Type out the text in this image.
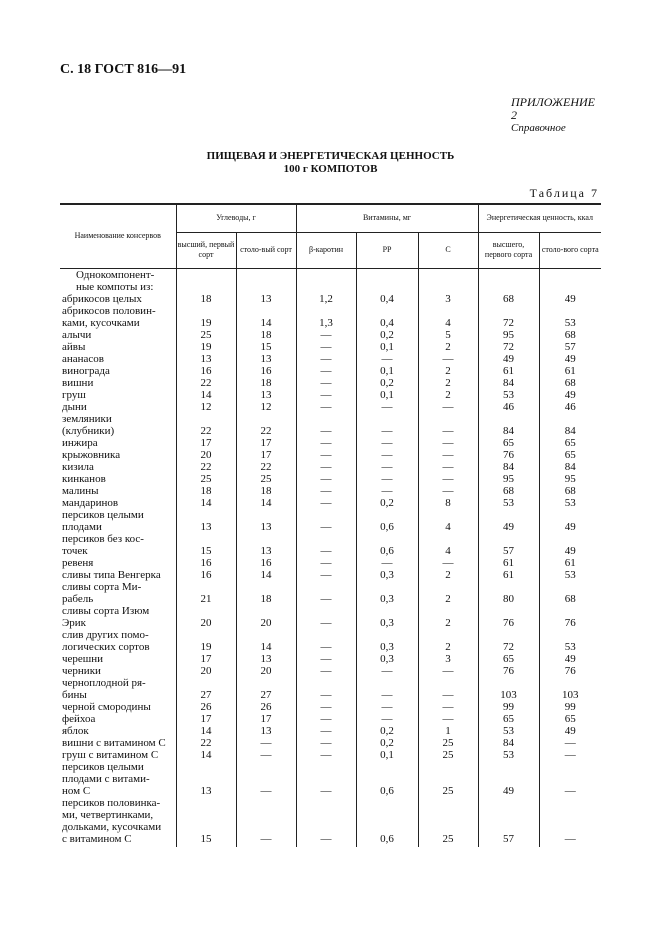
С. 18 ГОСТ 816—91
ПРИЛОЖЕНИЕ 2
Справочное
ПИЩЕВАЯ И ЭНЕРГЕТИЧЕСКАЯ ЦЕННОСТЬ
100 г КОМПОТОВ
Таблица 7
Наименование консервов	Углеводы, г		Витамины, мг			Энергетическая ценность, ккал	
	высший, первый сорт	столо-вый сорт	β-каротин	РР	С	высшего, первого сорта	столо-вого сорта

Однокомпонент-
ные компоты из:							

абрикосов целых	18	13	1,2	0,4	3	68	49

абрикосов половин-
ками, кусочками	19	14	1,3	0,4	4	72	53

алычи	25	18	—	0,2	5	95	68

айвы	19	15	—	0,1	2	72	57

ананасов	13	13	—	—	—	49	49

винограда	16	16	—	0,1	2	61	61

вишни	22	18	—	0,2	2	84	68

груш	14	13	—	0,1	2	53	49

дыни	12	12	—	—	—	46	46

земляники
(клубники)	22	22	—	—	—	84	84

инжира	17	17	—	—	—	65	65

крыжовника	20	17	—	—	—	76	65

кизила	22	22	—	—	—	84	84

кинканов	25	25	—	—	—	95	95

малины	18	18	—	—	—	68	68

мандаринов	14	14	—	0,2	8	53	53

персиков целыми
плодами	13	13	—	0,6	4	49	49

персиков без кос-
точек	15	13	—	0,6	4	57	49

ревеня	16	16	—	—	—	61	61

сливы типа Венгерка	16	14	—	0,3	2	61	53

сливы сорта Ми-
рабель	21	18	—	0,3	2	80	68

сливы сорта Изюм
Эрик	20	20	—	0,3	2	76	76

слив других помо-
логических сортов	19	14	—	0,3	2	72	53

черешни	17	13	—	0,3	3	65	49

черники	20	20	—	—	—	76	76

черноплодной ря-
бины	27	27	—	—	—	103	103

черной смородины	26	26	—	—	—	99	99

фейхоа	17	17	—	—	—	65	65

яблок	14	13	—	0,2	1	53	49

вишни с витамином С	22	—	—	0,2	25	84	—

груш с витамином С	14	—	—	0,1	25	53	—

персиков целыми
плодами с витами-
ном С	13	—	—	0,6	25	49	—

персиков половинка-
ми, четвертинками,
дольками, кусочками
с витамином С	15	—	—	0,6	25	57	—
